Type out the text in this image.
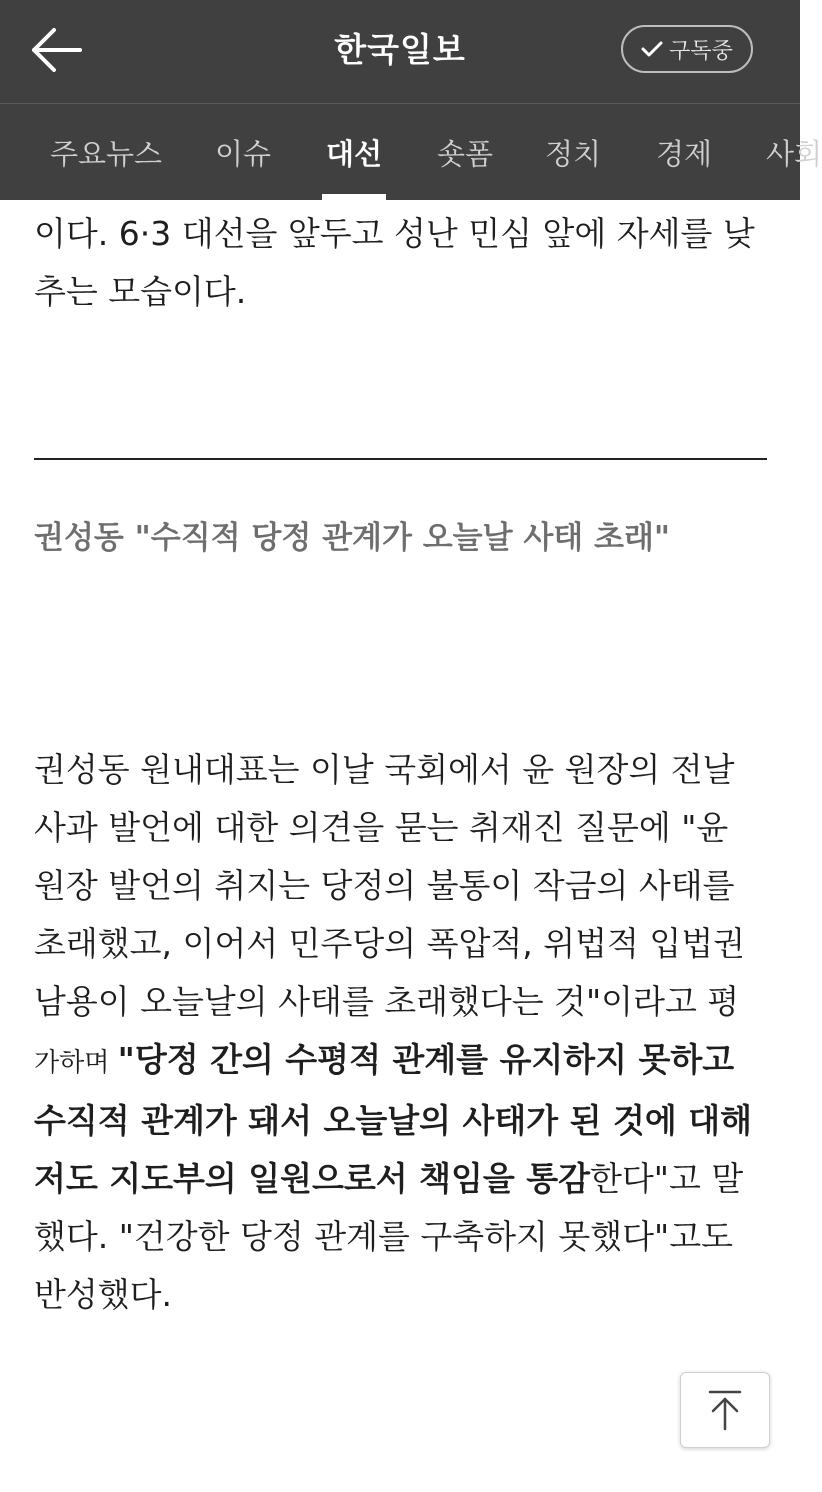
한국일보	구독중
주요뉴스 이슈 대선 숏폼 정치 경제 사회

이다. 6·3 대선을 앞두고 성난 민심 앞에 자세를 낮
추는 모습이다.

권성동 "수직적 당정 관계가 오늘날 사태 초래"

권성동 원내대표는 이날 국회에서 윤 원장의 전날
사과 발언에 대한 의견을 묻는 취재진 질문에 "윤
원장 발언의 취지는 당정의 불통이 작금의 사태를
초래했고, 이어서 민주당의 폭압적, 위법적 입법권
남용이 오늘날의 사태를 초래했다는 것"이라고 평
가하며 "당정 간의 수평적 관계를 유지하지 못하고
수직적 관계가 돼서 오늘날의 사태가 된 것에 대해
저도 지도부의 일원으로서 책임을 통감한다"고 말
했다. "건강한 당정 관계를 구축하지 못했다"고도
반성했다.
